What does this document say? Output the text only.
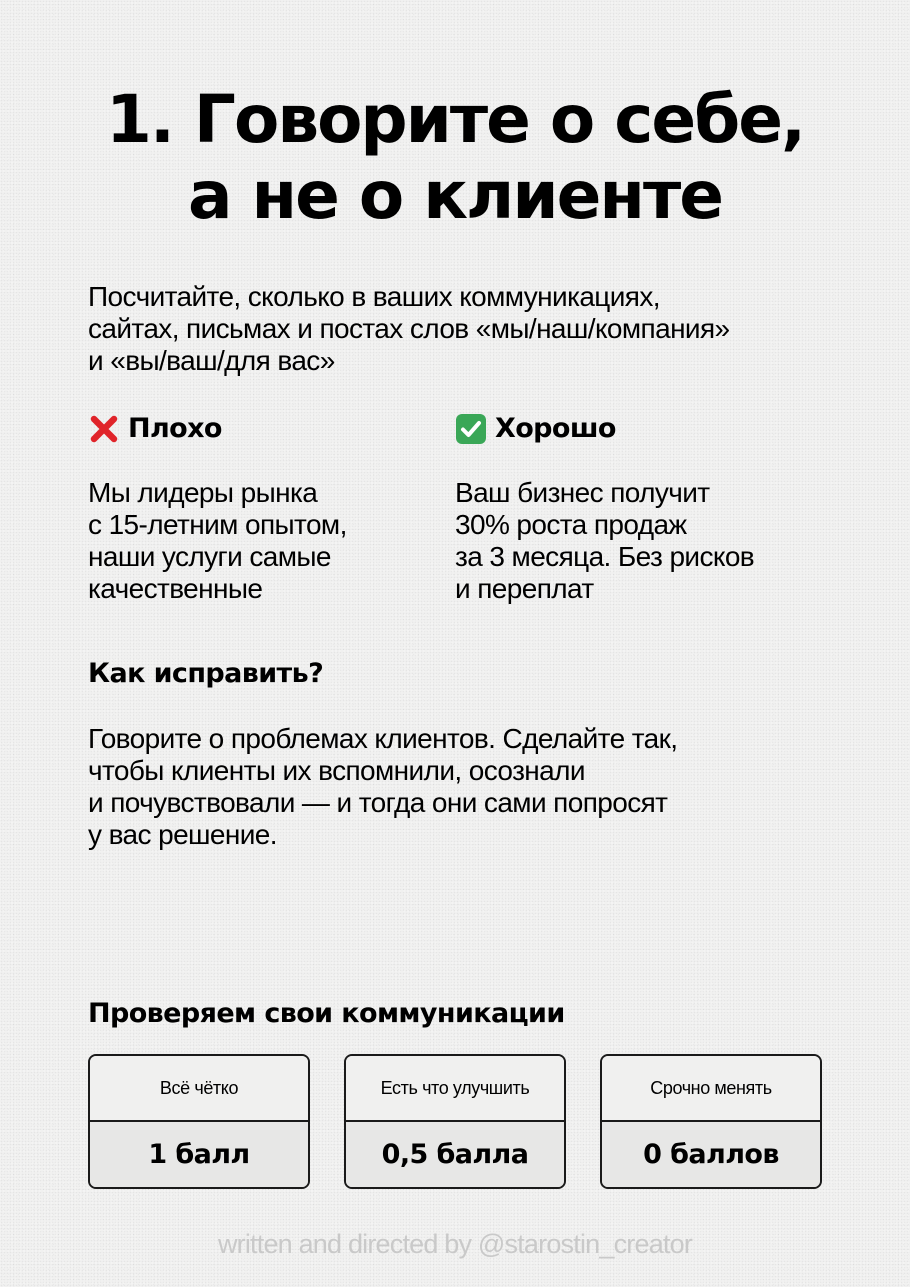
1. Говорите о себе,
а не о клиенте

Посчитайте, сколько в ваших коммуникациях,
сайтах, письмах и постах слов «мы/наш/компания»
и «вы/ваш/для вас»

Плохо	Хорошо

Мы лидеры рынка
с 15-летним опытом,
наши услуги самые
качественные

Ваш бизнес получит
30% роста продаж
за 3 месяца. Без рисков
и переплат

Как исправить?

Говорите о проблемах клиентов. Сделайте так,
чтобы клиенты их вспомнили, осознали
и почувствовали — и тогда они сами попросят
у вас решение.

Проверяем свои коммуникации
Всё чётко
1 балл
Есть что улучшить
0,5 балла
Срочно менять
0 баллов

written and directed by @starostin_creator
